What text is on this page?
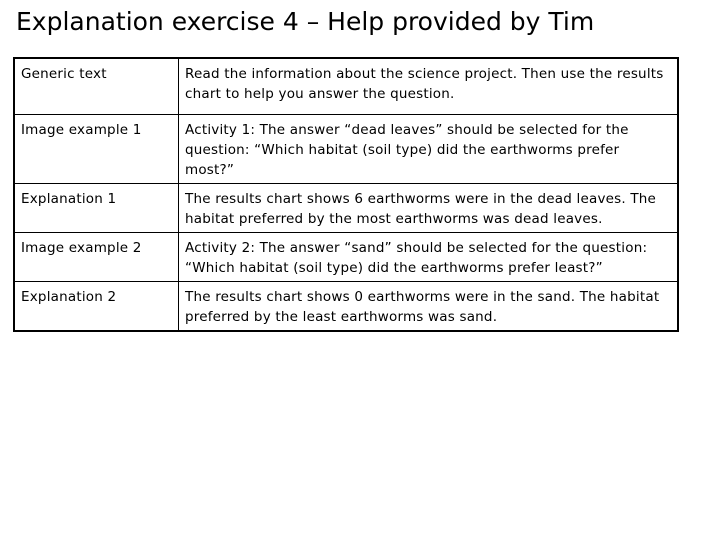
Explanation exercise 4 – Help provided by Tim
Generic text	Read the information about the science project. Then use the results chart to help you answer the question.
Image example 1	Activity 1: The answer “dead leaves” should be selected for the question: “Which habitat (soil type) did the earthworms prefer most?”
Explanation 1	The results chart shows 6 earthworms were in the dead leaves. The habitat preferred by the most earthworms was dead leaves.
Image example 2	Activity 2: The answer “sand” should be selected for the question: “Which habitat (soil type) did the earthworms prefer least?”
Explanation 2	The results chart shows 0 earthworms were in the sand. The habitat preferred by the least earthworms was sand.
